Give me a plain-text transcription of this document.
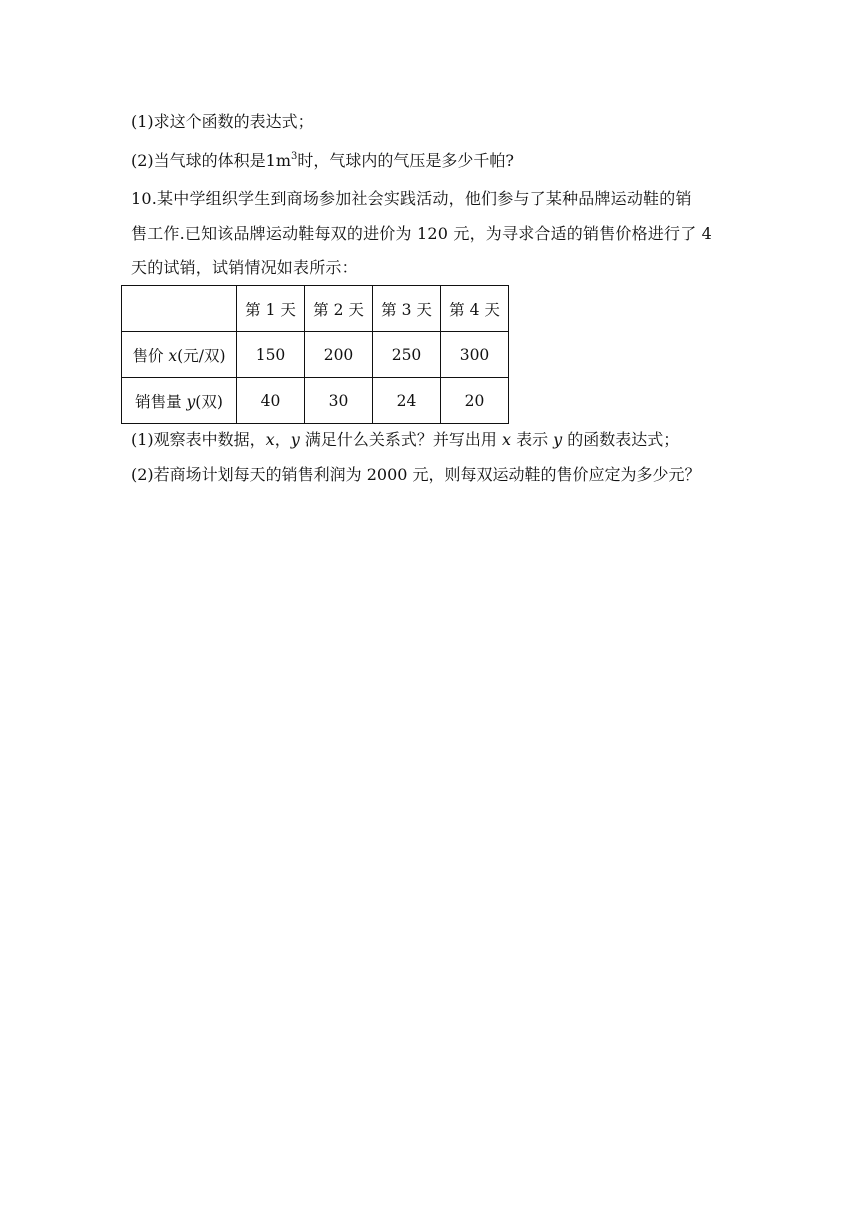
(1)求这个函数的表达式；
(2)当气球的体积是$1m^3$时，气球内的气压是多少千帕?
10.某中学组织学生到商场参加社会实践活动，他们参与了某种品牌运动鞋的销
售工作.已知该品牌运动鞋每双的进价为 120 元，为寻求合适的销售价格进行了 4
天的试销，试销情况如表所示：
	第 1 天	第 2 天	第 3 天	第 4 天
售价 x(元/双)	150	200	250	300
销售量 y(双)	40	30	24	20
(1)观察表中数据，x，y 满足什么关系式？并写出用 x 表示 y 的函数表达式；
(2)若商场计划每天的销售利润为 2000 元，则每双运动鞋的售价应定为多少元？
